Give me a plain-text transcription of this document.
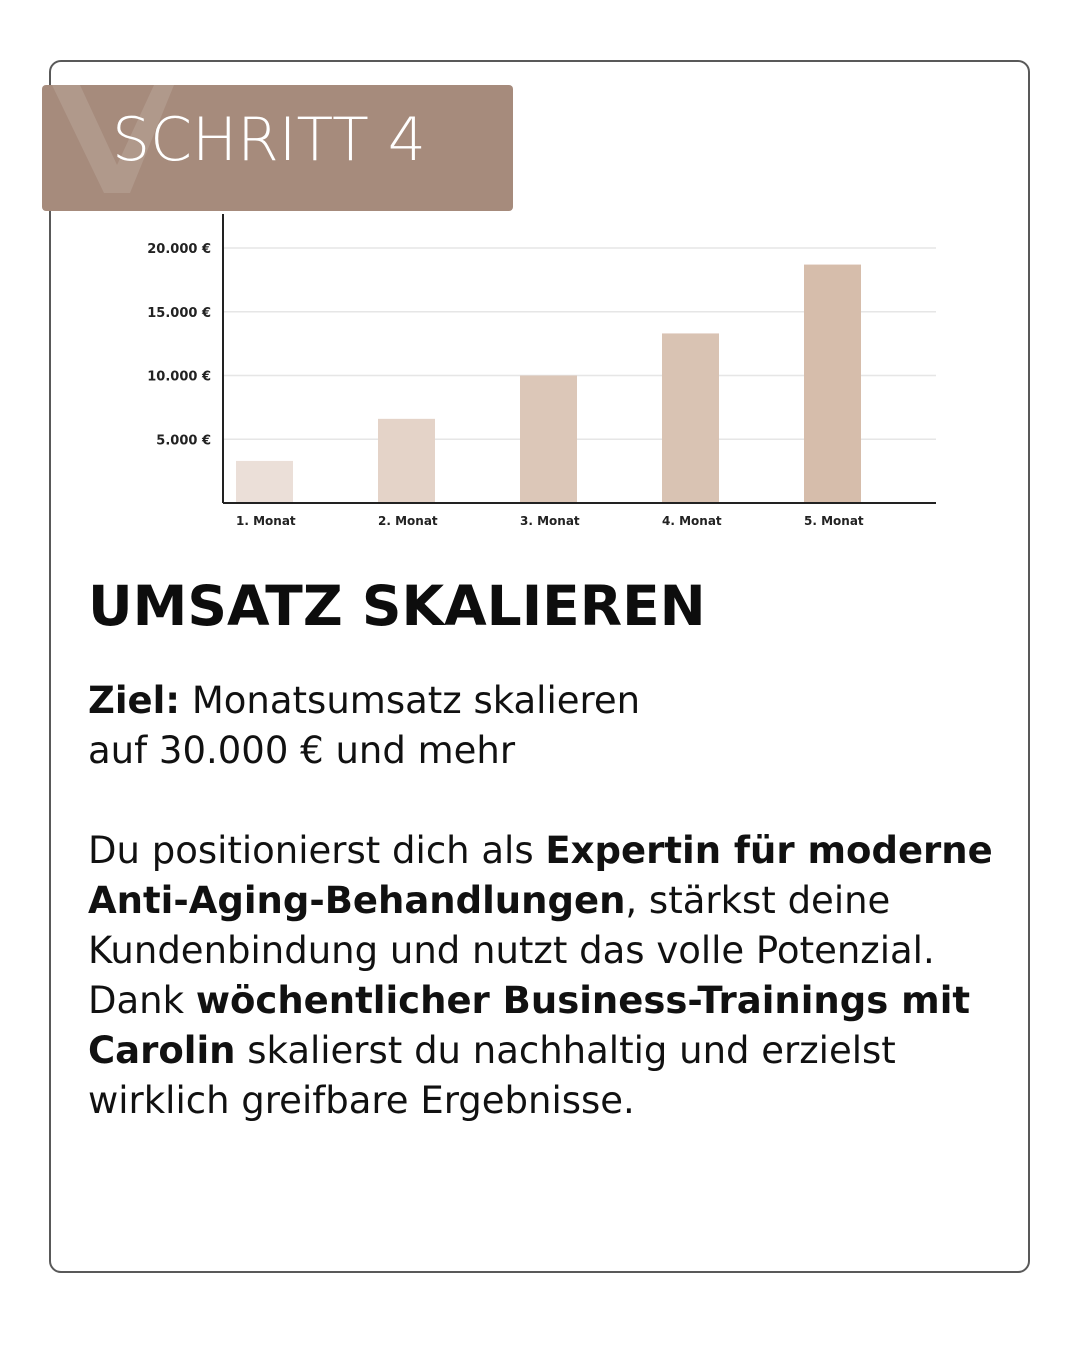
SCHRITT 4
5.000 €
10.000 €
15.000 €
20.000 €
1. Monat	2. Monat	3. Monat	4. Monat	5. Monat
UMSATZ SKALIEREN

Ziel: Monatsumsatz skalieren
auf 30.000 € und mehr

Du positionierst dich als Expertin für moderne Anti-Aging-Behandlungen, stärkst deine Kundenbindung und nutzt das volle Potenzial.

Dank wöchentlicher Business-Trainings mit Carolin skalierst du nachhaltig und erzielst wirklich greifbare Ergebnisse.
